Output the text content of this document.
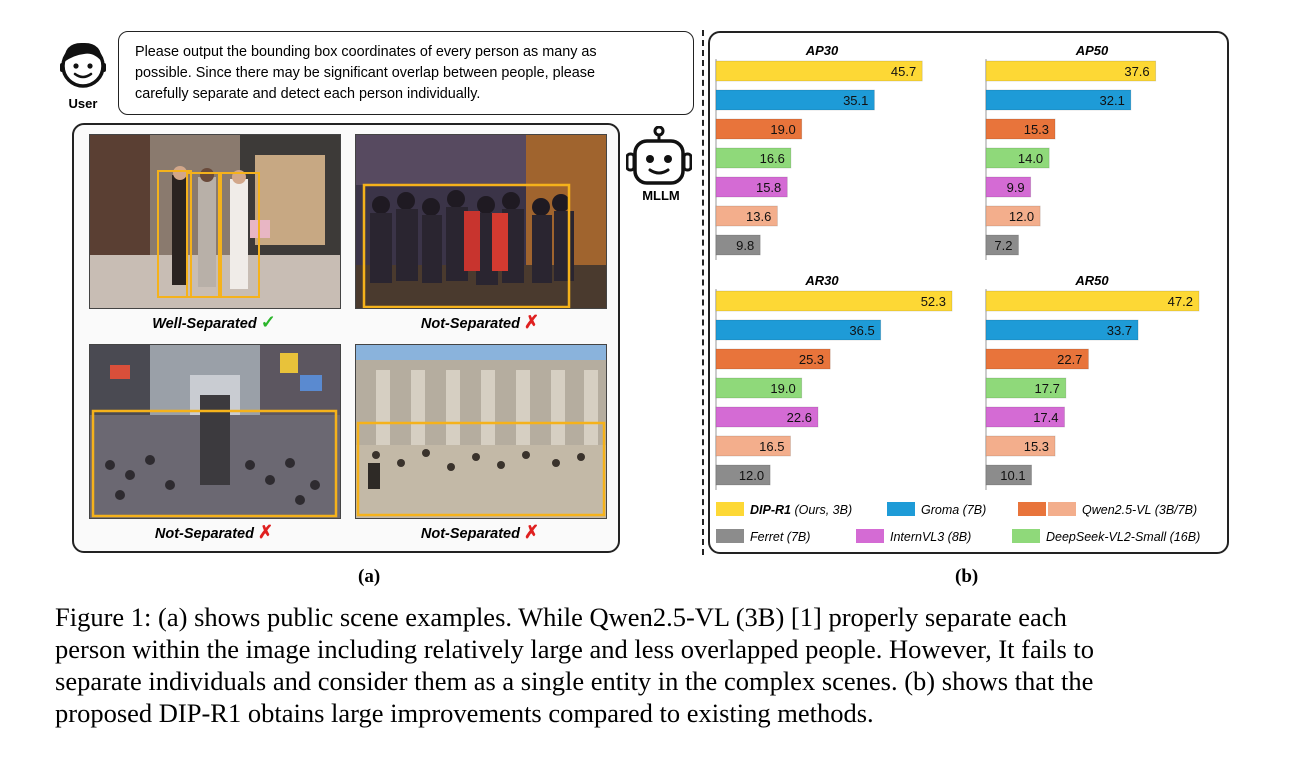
User
Please output the bounding box coordinates of every person as many as
possible. Since there may be significant overlap between people, please
carefully separate and detect each person individually.
Well-Separated ✓	Not-Separated ✗
Not-Separated ✗	Not-Separated ✗
(a)
MLLM
AP30
45.7
35.1
19.0
16.6
15.8
13.6
9.8
AP50
37.6
32.1
15.3
14.0
9.9
12.0
7.2
AR30
52.3
36.5
25.3
19.0
22.6
16.5
12.0
AR50
47.2
33.7
22.7
17.7
17.4
15.3
10.1
DIP-R1 (Ours, 3B)	Groma (7B)	Qwen2.5-VL (3B/7B)
Ferret (7B)	InternVL3 (8B)	DeepSeek-VL2-Small (16B)
(b)
Figure 1: (a) shows public scene examples. While Qwen2.5-VL (3B) [1] properly separate each
person within the image including relatively large and less overlapped people. However, It fails to
separate individuals and consider them as a single entity in the complex scenes. (b) shows that the
proposed DIP-R1 obtains large improvements compared to existing methods.
